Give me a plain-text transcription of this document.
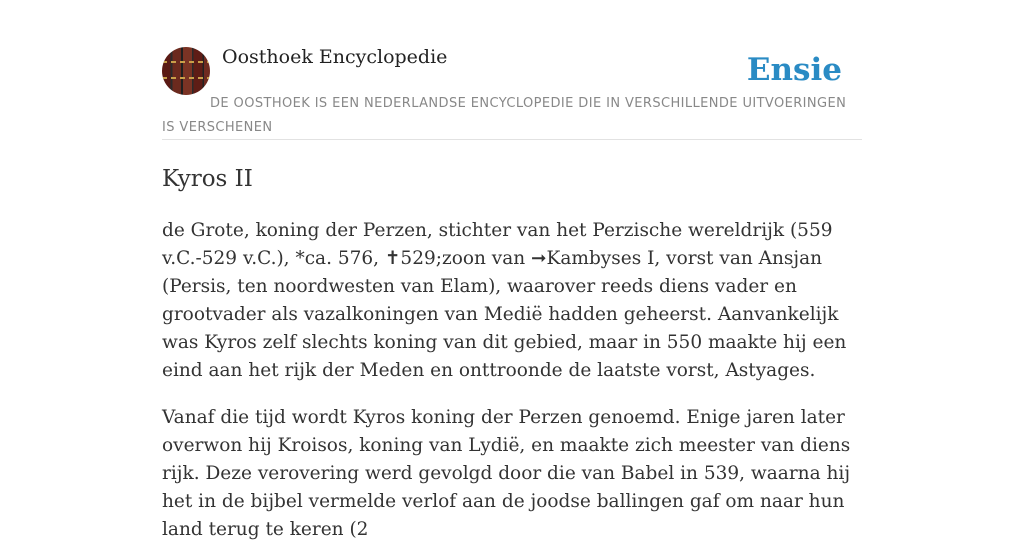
Oosthoek Encyclopedie	Ensie
DE OOSTHOEK IS EEN NEDERLANDSE ENCYCLOPEDIE DIE IN VERSCHILLENDE UITVOERINGEN IS VERSCHENEN
Kyros II

de Grote, koning der Perzen, stichter van het Perzische wereldrijk (559 v.C.-529 v.C.), *ca. 576, ✝529;zoon van ➞Kambyses I, vorst van Ansjan (Persis, ten noordwesten van Elam), waarover reeds diens vader en grootvader als vazalkoningen van Medië hadden geheerst. Aanvankelijk was Kyros zelf slechts koning van dit gebied, maar in 550 maakte hij een eind aan het rijk der Meden en onttroonde de laatste vorst, Astyages.

Vanaf die tijd wordt Kyros koning der Perzen genoemd. Enige jaren later overwon hij Kroisos, koning van Lydië, en maakte zich meester van diens rijk. Deze verovering werd gevolgd door die van Babel in 539, waarna hij het in de bijbel vermelde verlof aan de joodse ballingen gaf om naar hun land terug te keren (2
